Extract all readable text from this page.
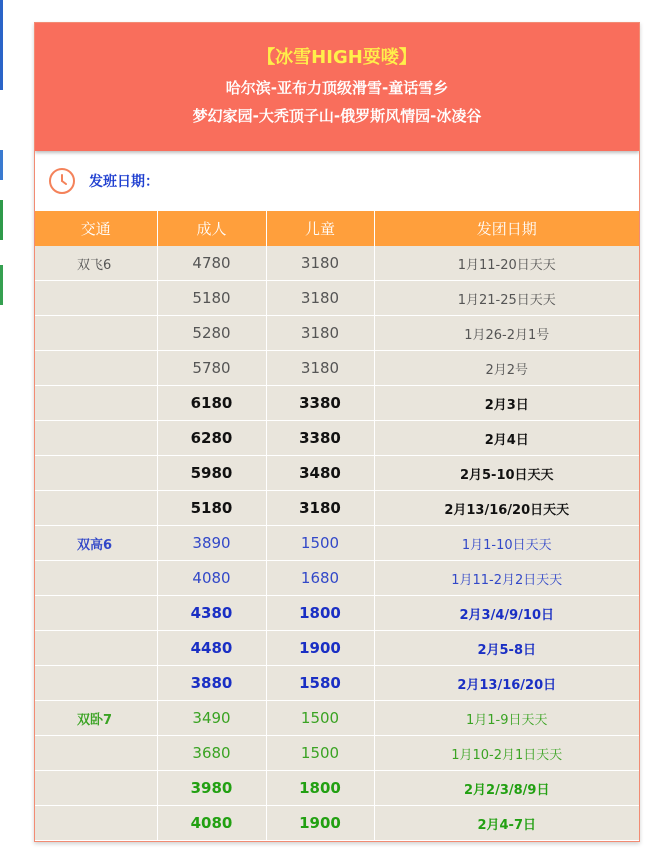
【冰雪HIGH耍喽】
哈尔滨-亚布力顶级滑雪-童话雪乡
梦幻家园-大秃顶子山-俄罗斯风情园-冰凌谷
发班日期：
交通	成人	儿童	发团日期
双飞6	4780	3180	1月11-20日天天
	5180	3180	1月21-25日天天
	5280	3180	1月26-2月1号
	5780	3180	2月2号
	6180	3380	2月3日
	6280	3380	2月4日
	5980	3480	2月5-10日天天
	5180	3180	2月13/16/20日天天
双高6	3890	1500	1月1-10日天天
	4080	1680	1月11-2月2日天天
	4380	1800	2月3/4/9/10日
	4480	1900	2月5-8日
	3880	1580	2月13/16/20日
双卧7	3490	1500	1月1-9日天天
	3680	1500	1月10-2月1日天天
	3980	1800	2月2/3/8/9日
	4080	1900	2月4-7日
